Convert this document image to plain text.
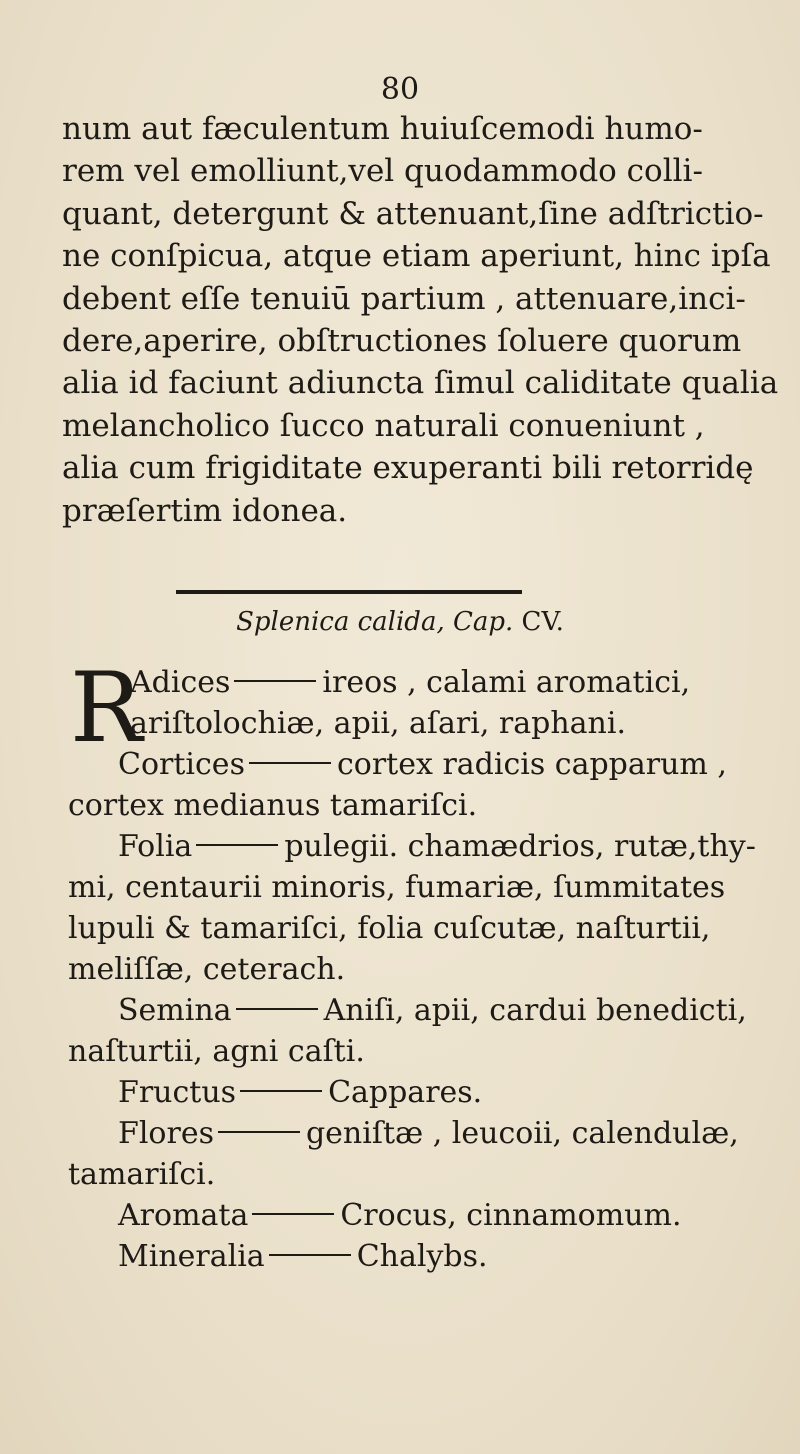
80
num aut fæculentum huiuſcemodi humo-
rem vel emolliunt,vel quodammodo colli-
quant, detergunt & attenuant,ſine adſtrictio-
ne conſpicua, atque etiam aperiunt, hinc ipſa
debent eſſe tenuiū partium , attenuare,inci-
dere,aperire, obſtructiones ſoluere quorum
alia id faciunt adiuncta ſimul caliditate qualia
melancholico ſucco naturali conueniunt ,
alia cum frigiditate exuperanti bili retorridę
præſertim idonea.
Splenica calida, Cap. CV.
R
Adices	ireos , calami aromatici,
ariſtolochiæ, apii, aſari, raphani.
Cortices	cortex radicis capparum ,
cortex medianus tamariſci.
Folia	pulegii. chamædrios, rutæ,thy-
mi, centaurii minoris, fumariæ, ſummitates
lupuli & tamariſci, folia cuſcutæ, naſturtii,
meliſſæ, ceterach.
Semina	Aniſi, apii, cardui benedicti,
naſturtii, agni caſti.
Fructus	Cappares.
Flores	geniſtæ , leucoii, calendulæ,
tamariſci.
Aromata	Crocus, cinnamomum.
Mineralia	Chalybs.
